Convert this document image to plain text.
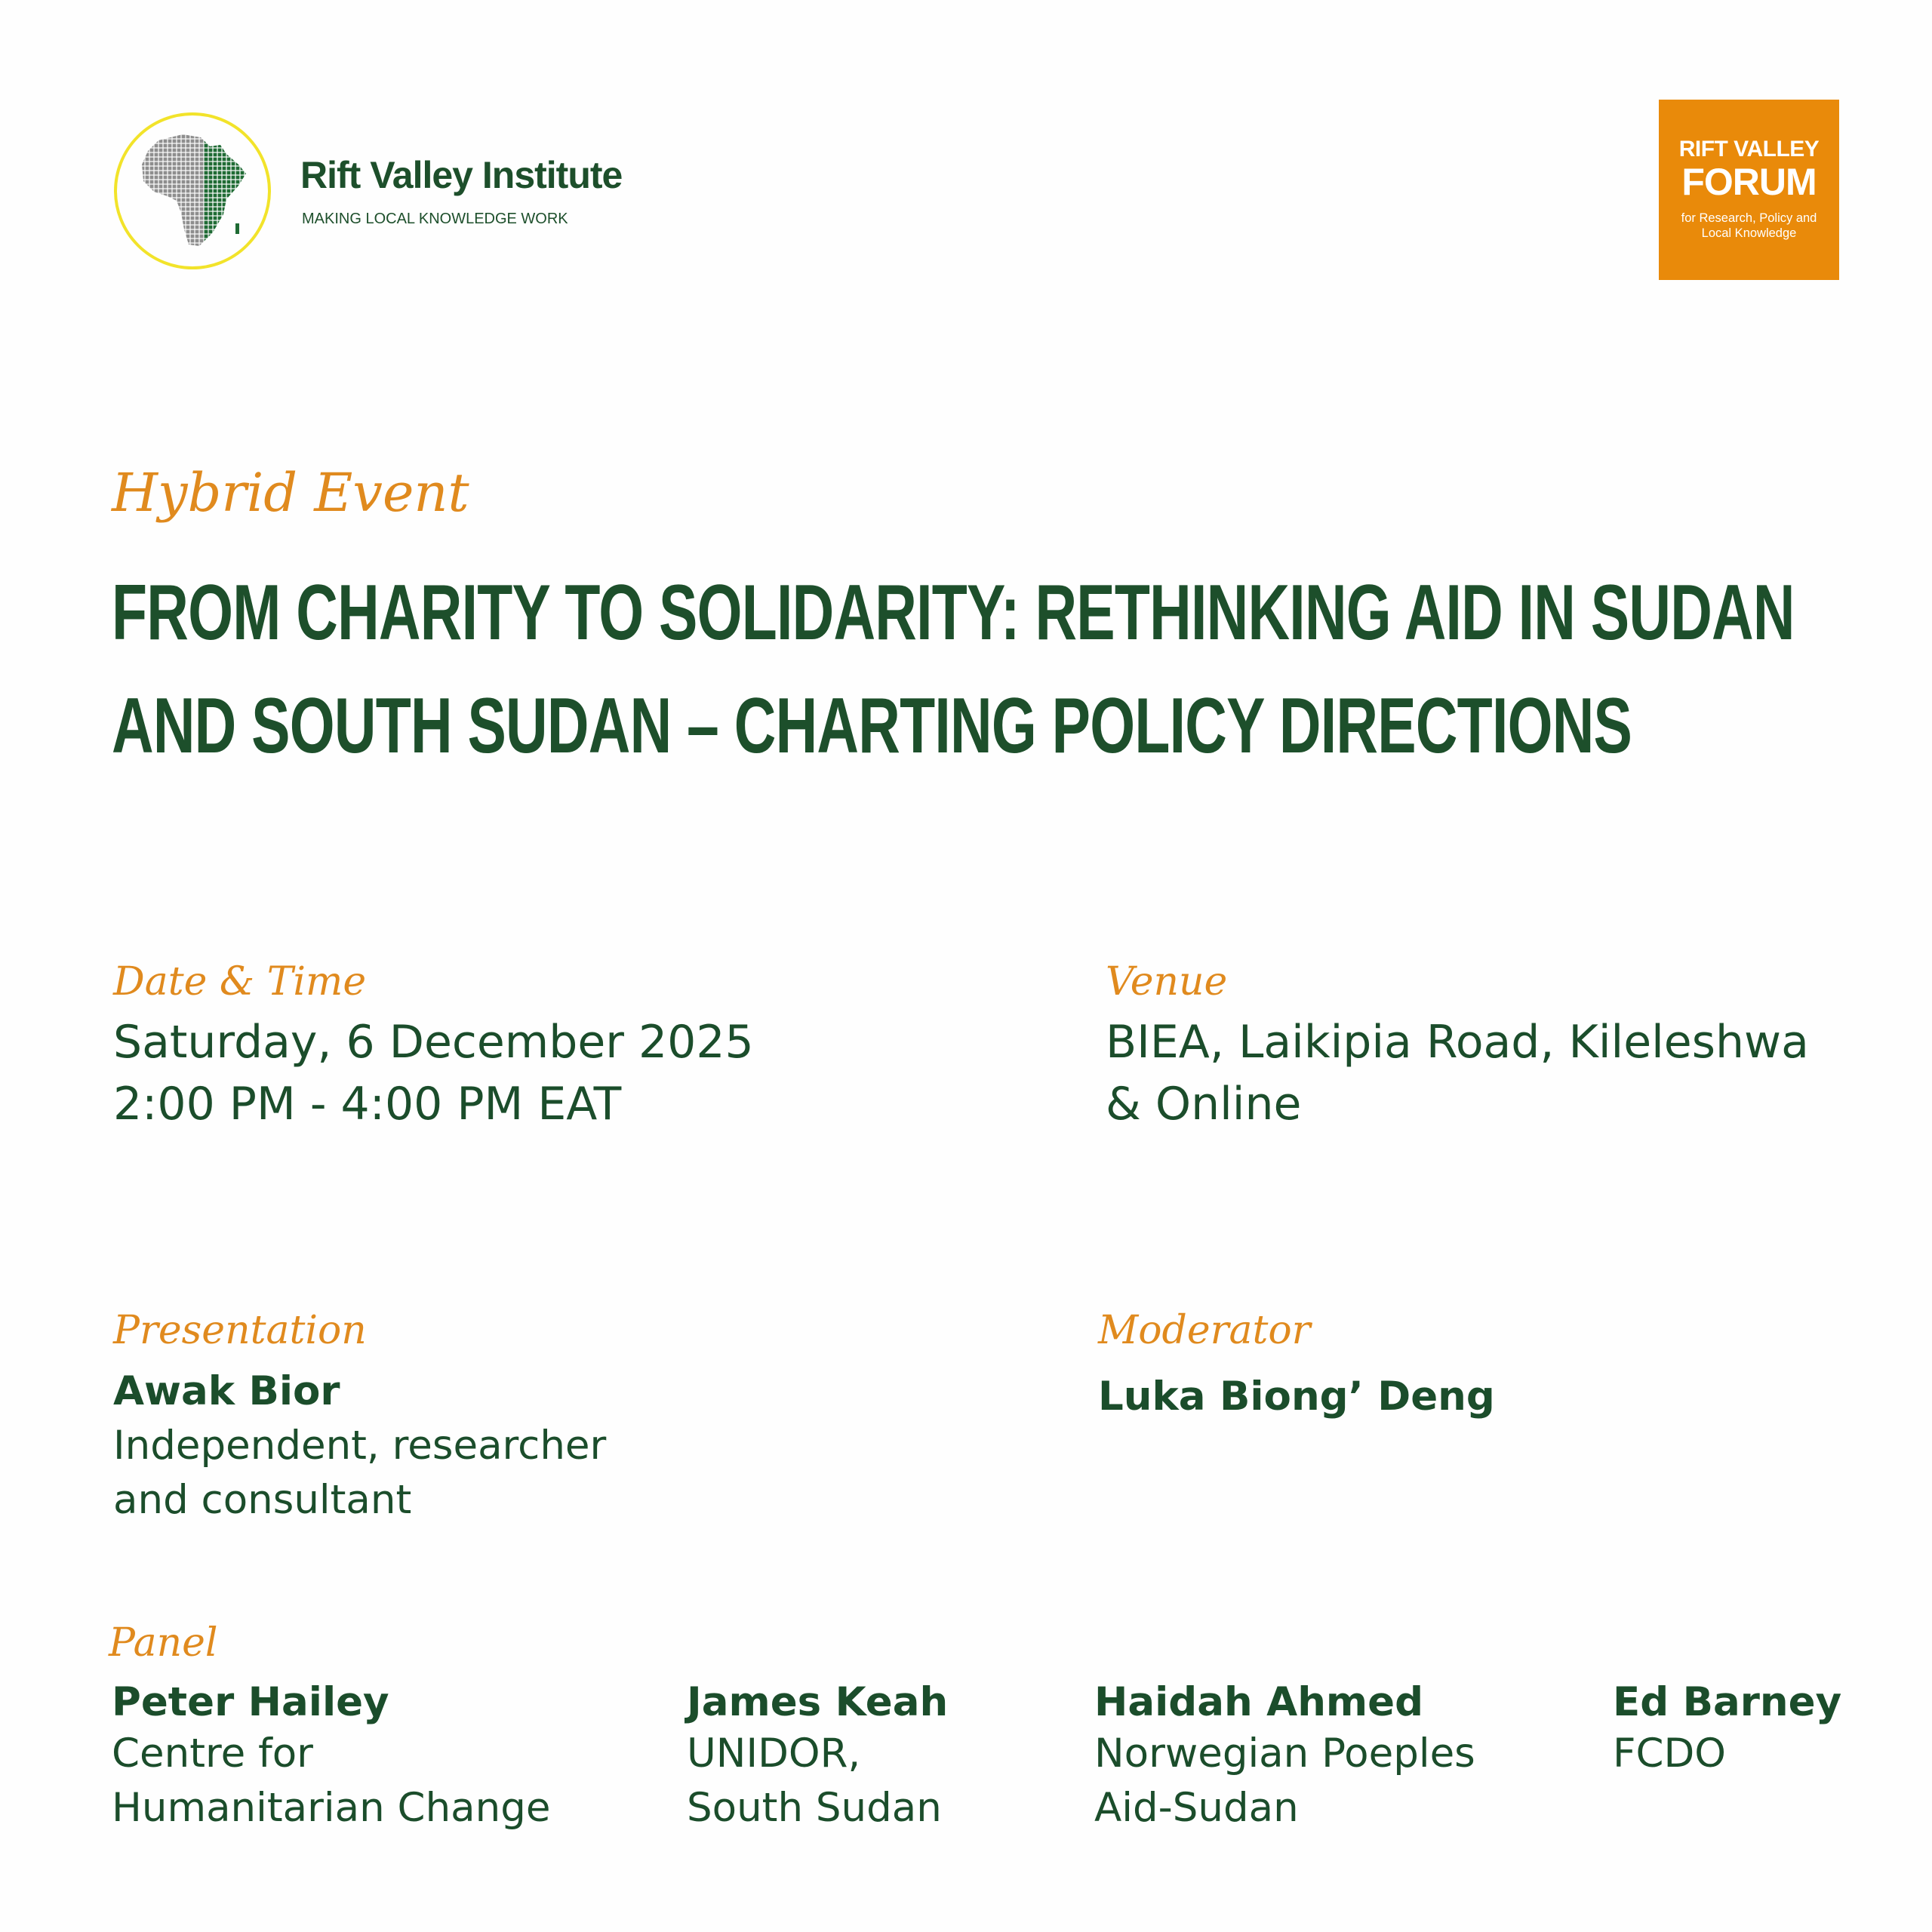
Rift Valley Institute
MAKING LOCAL KNOWLEDGE WORK
RIFT VALLEY
FORUM
for Research, Policy and Local Knowledge
Hybrid Event
FROM CHARITY TO SOLIDARITY: RETHINKING AID IN SUDAN
AND SOUTH SUDAN – CHARTING POLICY DIRECTIONS
Date & Time
Saturday, 6 December 2025
2:00 PM - 4:00 PM EAT
Venue
BIEA, Laikipia Road, Kileleshwa
& Online
Presentation
Awak Bior
Independent, researcher
and consultant
Moderator
Luka Biong’ Deng
Panel
Peter Hailey
Centre for
Humanitarian Change
James Keah
UNIDOR,
South Sudan
Haidah Ahmed
Norwegian Poeples
Aid-Sudan
Ed Barney
FCDO
